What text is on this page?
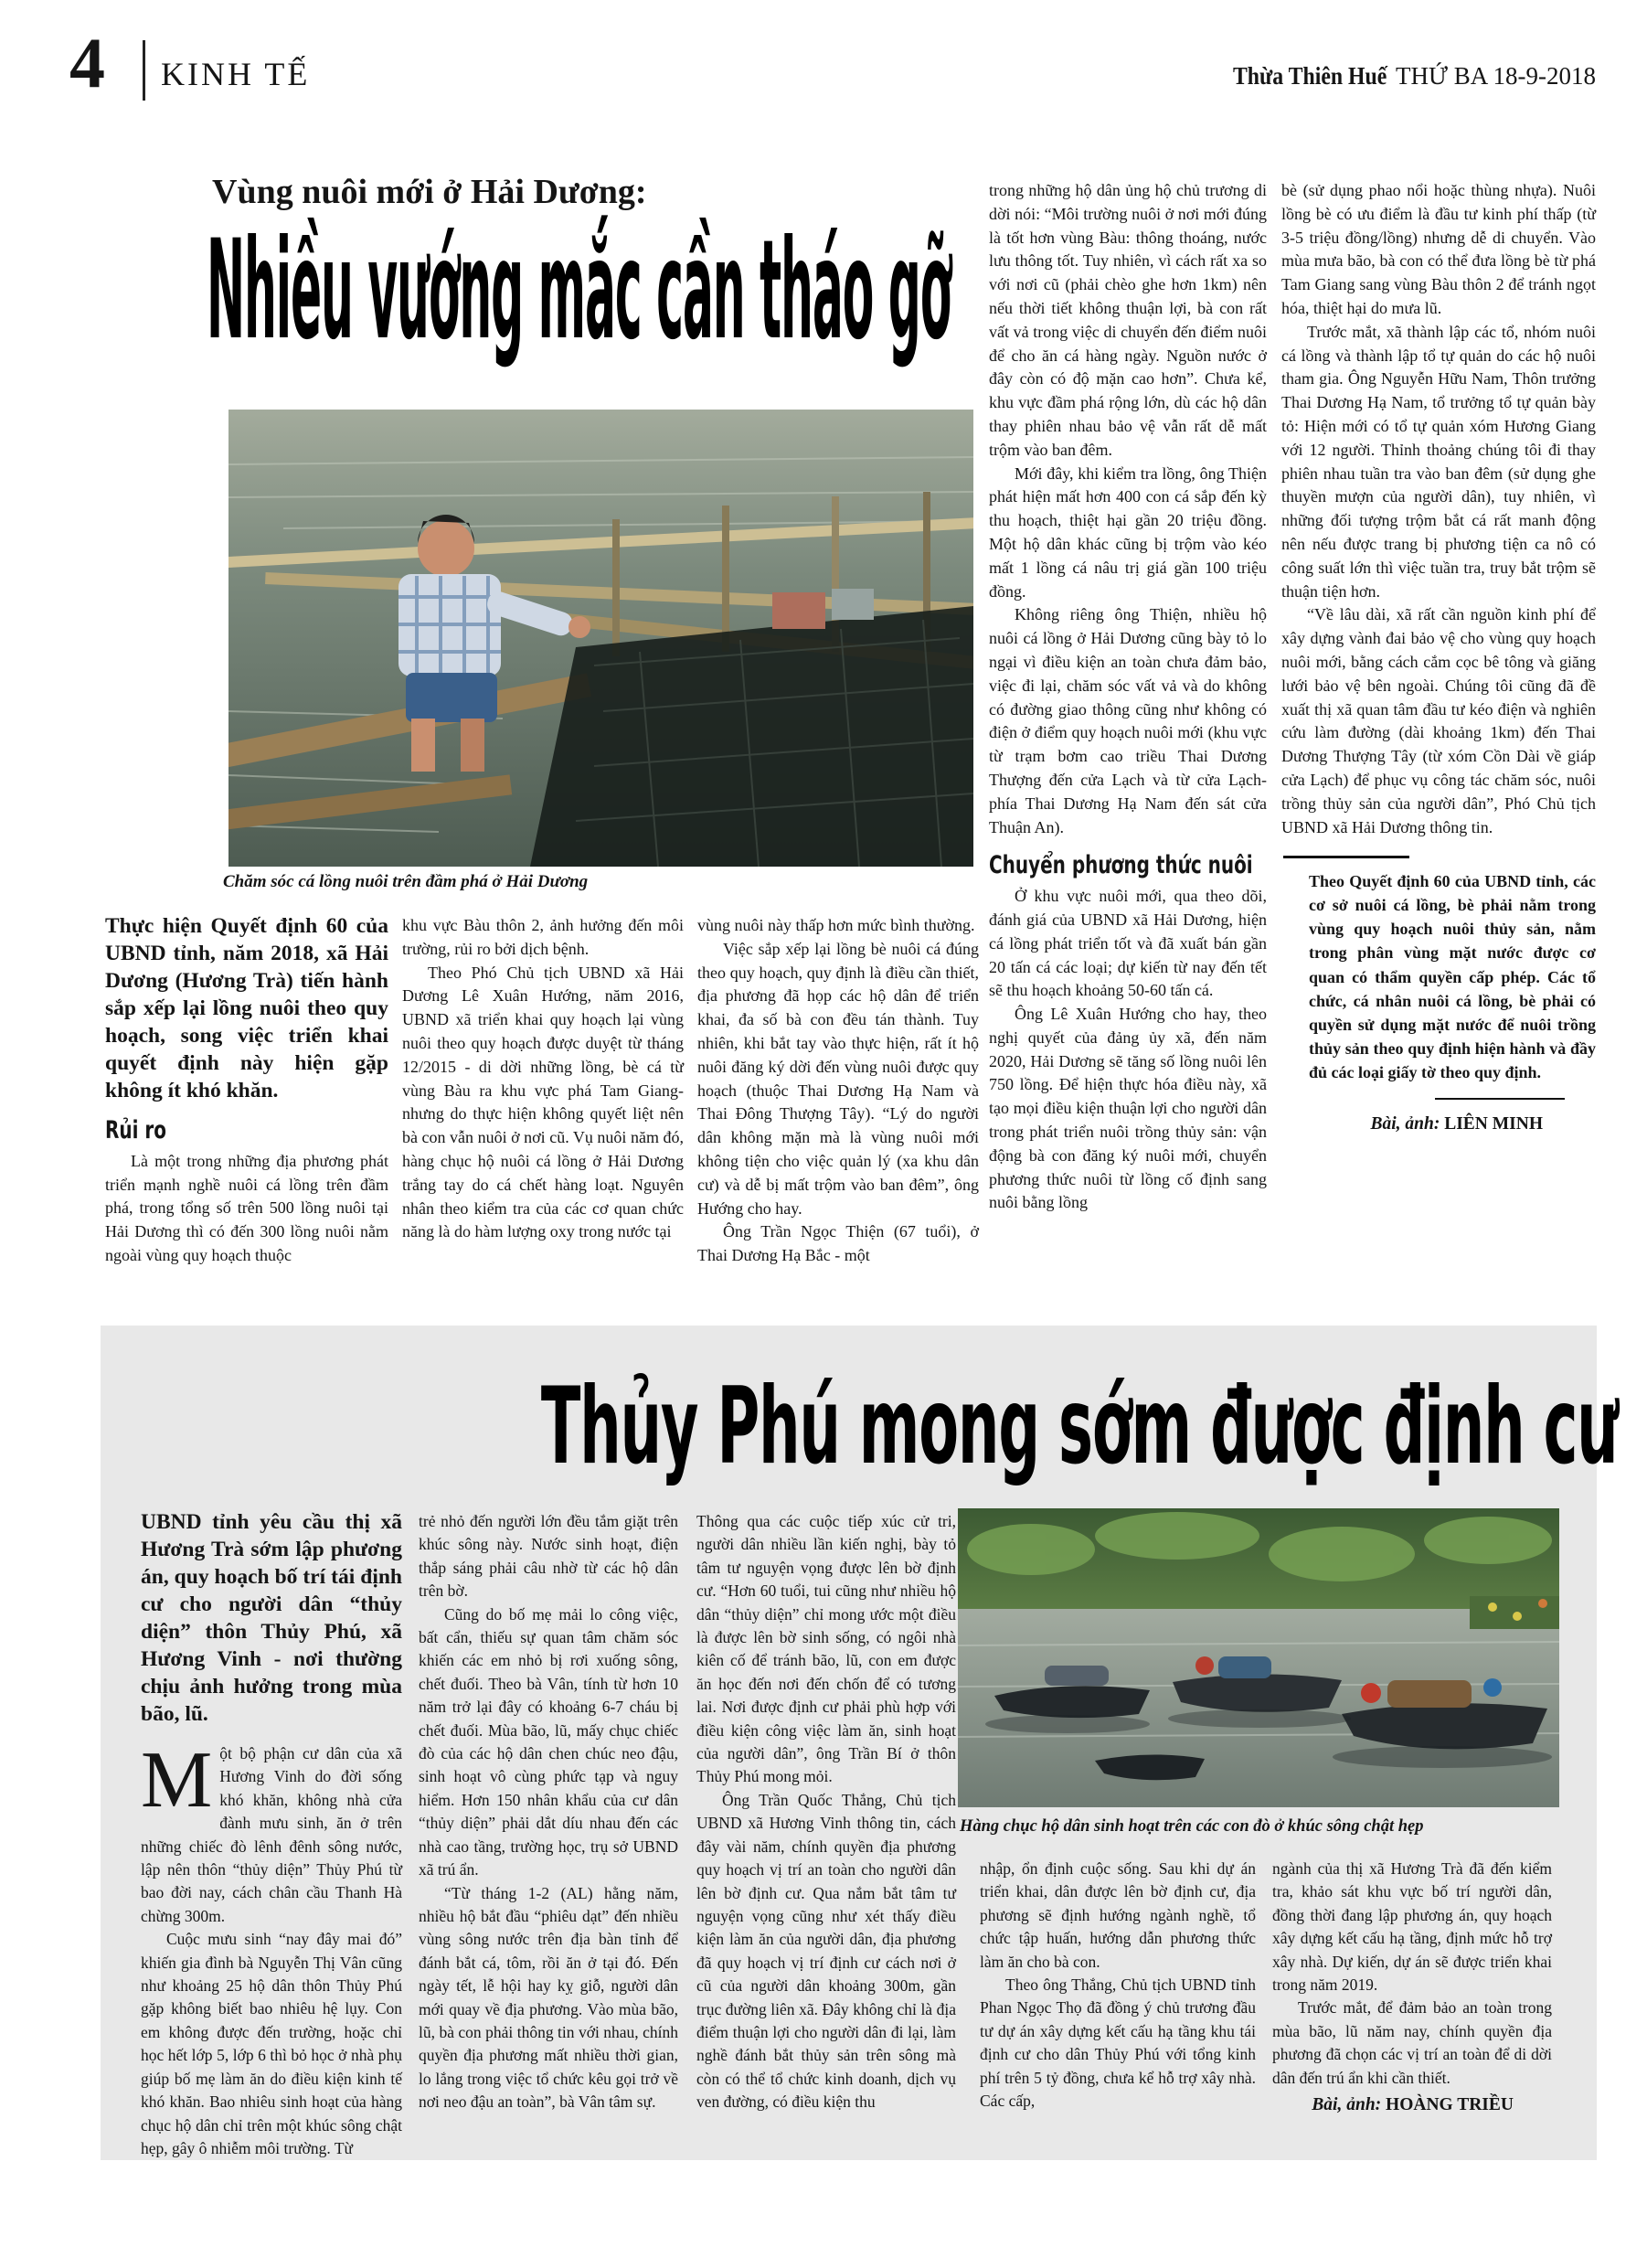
4 KINH TẾ	Thừa Thiên Huế THỨ BA 18-9-2018
Vùng nuôi mới ở Hải Dương:
Nhiều vướng mắc cần tháo gỡ
Chăm sóc cá lồng nuôi trên đầm phá ở Hải Dương
Thực hiện Quyết định 60 của UBND tỉnh, năm 2018, xã Hải Dương (Hương Trà) tiến hành sắp xếp lại lồng nuôi theo quy hoạch, song việc triển khai quyết định này hiện gặp không ít khó khăn.
Rủi ro

Là một trong những địa phương phát triển mạnh nghề nuôi cá lồng trên đầm phá, trong tổng số trên 500 lồng nuôi tại Hải Dương thì có đến 300 lồng nuôi nằm ngoài vùng quy hoạch thuộc

khu vực Bàu thôn 2, ảnh hưởng đến môi trường, rủi ro bởi dịch bệnh.

Theo Phó Chủ tịch UBND xã Hải Dương Lê Xuân Hướng, năm 2016, UBND xã triển khai quy hoạch lại vùng nuôi theo quy hoạch được duyệt từ tháng 12/2015 - di dời những lồng, bè cá từ vùng Bàu ra khu vực phá Tam Giang- nhưng do thực hiện không quyết liệt nên bà con vẫn nuôi ở nơi cũ. Vụ nuôi năm đó, hàng chục hộ nuôi cá lồng ở Hải Dương trắng tay do cá chết hàng loạt. Nguyên nhân theo kiểm tra của các cơ quan chức năng là do hàm lượng oxy trong nước tại

vùng nuôi này thấp hơn mức bình thường.

Việc sắp xếp lại lồng bè nuôi cá đúng theo quy hoạch, quy định là điều cần thiết, địa phương đã họp các hộ dân để triển khai, đa số bà con đều tán thành. Tuy nhiên, khi bắt tay vào thực hiện, rất ít hộ nuôi đăng ký dời đến vùng nuôi được quy hoạch (thuộc Thai Dương Hạ Nam và Thai Đông Thượng Tây). “Lý do người dân không mặn mà là vùng nuôi mới không tiện cho việc quản lý (xa khu dân cư) và dễ bị mất trộm vào ban đêm”, ông Hướng cho hay.

Ông Trần Ngọc Thiện (67 tuổi), ở Thai Dương Hạ Bắc - một

trong những hộ dân ủng hộ chủ trương di dời nói: “Môi trường nuôi ở nơi mới đúng là tốt hơn vùng Bàu: thông thoáng, nước lưu thông tốt. Tuy nhiên, vì cách rất xa so với nơi cũ (phải chèo ghe hơn 1km) nên nếu thời tiết không thuận lợi, bà con rất vất vả trong việc di chuyển đến điểm nuôi để cho ăn cá hàng ngày. Nguồn nước ở đây còn có độ mặn cao hơn”. Chưa kể, khu vực đầm phá rộng lớn, dù các hộ dân thay phiên nhau bảo vệ vẫn rất dễ mất trộm vào ban đêm.

Mới đây, khi kiểm tra lồng, ông Thiện phát hiện mất hơn 400 con cá sắp đến kỳ thu hoạch, thiệt hại gần 20 triệu đồng. Một hộ dân khác cũng bị trộm vào kéo mất 1 lồng cá nâu trị giá gần 100 triệu đồng.

Không riêng ông Thiện, nhiều hộ nuôi cá lồng ở Hải Dương cũng bày tỏ lo ngại vì điều kiện an toàn chưa đảm bảo, việc đi lại, chăm sóc vất vả và do không có đường giao thông cũng như không có điện ở điểm quy hoạch nuôi mới (khu vực từ trạm bơm cao triều Thai Dương Thượng đến cửa Lạch và từ cửa Lạch- phía Thai Dương Hạ Nam đến sát cửa Thuận An).

Chuyển phương thức nuôi

Ở khu vực nuôi mới, qua theo dõi, đánh giá của UBND xã Hải Dương, hiện cá lồng phát triển tốt và đã xuất bán gần 20 tấn cá các loại; dự kiến từ nay đến tết sẽ thu hoạch khoảng 50-60 tấn cá.

Ông Lê Xuân Hướng cho hay, theo nghị quyết của đảng ủy xã, đến năm 2020, Hải Dương sẽ tăng số lồng nuôi lên 750 lồng. Để hiện thực hóa điều này, xã tạo mọi điều kiện thuận lợi cho người dân trong phát triển nuôi trồng thủy sản: vận động bà con đăng ký nuôi mới, chuyển phương thức nuôi từ lồng cố định sang nuôi bằng lồng

bè (sử dụng phao nổi hoặc thùng nhựa). Nuôi lồng bè có ưu điểm là đầu tư kinh phí thấp (từ 3-5 triệu đồng/lồng) nhưng dễ di chuyển. Vào mùa mưa bão, bà con có thể đưa lồng bè từ phá Tam Giang sang vùng Bàu thôn 2 để tránh ngọt hóa, thiệt hại do mưa lũ.

Trước mắt, xã thành lập các tổ, nhóm nuôi cá lồng và thành lập tổ tự quản do các hộ nuôi tham gia. Ông Nguyễn Hữu Nam, Thôn trưởng Thai Dương Hạ Nam, tổ trưởng tổ tự quản bày tỏ: Hiện mới có tổ tự quản xóm Hương Giang với 12 người. Thỉnh thoảng chúng tôi đi thay phiên nhau tuần tra vào ban đêm (sử dụng ghe thuyền mượn của người dân), tuy nhiên, vì những đối tượng trộm bắt cá rất manh động nên nếu được trang bị phương tiện ca nô có công suất lớn thì việc tuần tra, truy bắt trộm sẽ thuận tiện hơn.

“Về lâu dài, xã rất cần nguồn kinh phí để xây dựng vành đai bảo vệ cho vùng quy hoạch nuôi mới, bằng cách cắm cọc bê tông và giăng lưới bảo vệ bên ngoài. Chúng tôi cũng đã đề xuất thị xã quan tâm đầu tư kéo điện và nghiên cứu làm đường (dài khoảng 1km) đến Thai Dương Thượng Tây (từ xóm Cồn Dài về giáp cửa Lạch) để phục vụ công tác chăm sóc, nuôi trồng thủy sản của người dân”, Phó Chủ tịch UBND xã Hải Dương thông tin.

Theo Quyết định 60 của UBND tỉnh, các cơ sở nuôi cá lồng, bè phải nằm trong vùng quy hoạch nuôi thủy sản, nằm trong phân vùng mặt nước được cơ quan có thẩm quyền cấp phép. Các tổ chức, cá nhân nuôi cá lồng, bè phải có quyền sử dụng mặt nước để nuôi trồng thủy sản theo quy định hiện hành và đầy đủ các loại giấy tờ theo quy định.
Bài, ảnh: LIÊN MINH
Thủy Phú mong sớm được định cư
UBND tỉnh yêu cầu thị xã Hương Trà sớm lập phương án, quy hoạch bố trí tái định cư cho người dân “thủy diện” thôn Thủy Phú, xã Hương Vinh - nơi thường chịu ảnh hưởng trong mùa bão, lũ.

Một bộ phận cư dân của xã Hương Vinh do đời sống khó khăn, không nhà cửa đành mưu sinh, ăn ở trên những chiếc đò lênh đênh sông nước, lập nên thôn “thủy diện” Thủy Phú từ bao đời nay, cách chân cầu Thanh Hà chừng 300m.

Cuộc mưu sinh “nay đây mai đó” khiến gia đình bà Nguyễn Thị Vân cũng như khoảng 25 hộ dân thôn Thủy Phú gặp không biết bao nhiêu hệ lụy. Con em không được đến trường, hoặc chỉ học hết lớp 5, lớp 6 thì bỏ học ở nhà phụ giúp bố mẹ làm ăn do điều kiện kinh tế khó khăn. Bao nhiêu sinh hoạt của hàng chục hộ dân chỉ trên một khúc sông chật hẹp, gây ô nhiễm môi trường. Từ

trẻ nhỏ đến người lớn đều tắm giặt trên khúc sông này. Nước sinh hoạt, điện thắp sáng phải câu nhờ từ các hộ dân trên bờ.

Cũng do bố mẹ mải lo công việc, bất cẩn, thiếu sự quan tâm chăm sóc khiến các em nhỏ bị rơi xuống sông, chết đuối. Theo bà Vân, tính từ hơn 10 năm trở lại đây có khoảng 6-7 cháu bị chết đuối. Mùa bão, lũ, mấy chục chiếc đò của các hộ dân chen chúc neo đậu, sinh hoạt vô cùng phức tạp và nguy hiểm. Hơn 150 nhân khẩu của cư dân “thủy diện” phải dắt díu nhau đến các nhà cao tầng, trường học, trụ sở UBND xã trú ẩn.

“Từ tháng 1-2 (AL) hằng năm, nhiều hộ bắt đầu “phiêu dạt” đến nhiều vùng sông nước trên địa bàn tỉnh để đánh bắt cá, tôm, rồi ăn ở tại đó. Đến ngày tết, lễ hội hay kỵ giỗ, người dân mới quay về địa phương. Vào mùa bão, lũ, bà con phải thông tin với nhau, chính quyền địa phương mất nhiều thời gian, lo lắng trong việc tổ chức kêu gọi trở về nơi neo đậu an toàn”, bà Vân tâm sự.

Thông qua các cuộc tiếp xúc cử tri, người dân nhiều lần kiến nghị, bày tỏ tâm tư nguyện vọng được lên bờ định cư. “Hơn 60 tuổi, tui cũng như nhiều hộ dân “thủy diện” chỉ mong ước một điều là được lên bờ sinh sống, có ngôi nhà kiên cố để tránh bão, lũ, con em được ăn học đến nơi đến chốn để có tương lai. Nơi được định cư phải phù hợp với điều kiện công việc làm ăn, sinh hoạt của người dân”, ông Trần Bí ở thôn Thủy Phú mong mỏi.

Ông Trần Quốc Thắng, Chủ tịch UBND xã Hương Vinh thông tin, cách đây vài năm, chính quyền địa phương quy hoạch vị trí an toàn cho người dân lên bờ định cư. Qua nắm bắt tâm tư nguyện vọng cũng như xét thấy điều kiện làm ăn của người dân, địa phương đã quy hoạch vị trí định cư cách nơi ở cũ của người dân khoảng 300m, gần trục đường liên xã. Đây không chỉ là địa điểm thuận lợi cho người dân đi lại, làm nghề đánh bắt thủy sản trên sông mà còn có thể tổ chức kinh doanh, dịch vụ ven đường, có điều kiện thu

Hàng chục hộ dân sinh hoạt trên các con đò ở khúc sông chật hẹp

nhập, ổn định cuộc sống. Sau khi dự án triển khai, dân được lên bờ định cư, địa phương sẽ định hướng ngành nghề, tổ chức tập huấn, hướng dẫn phương thức làm ăn cho bà con.

Theo ông Thắng, Chủ tịch UBND tỉnh Phan Ngọc Thọ đã đồng ý chủ trương đầu tư dự án xây dựng kết cấu hạ tầng khu tái định cư cho dân Thủy Phú với tổng kinh phí trên 5 tỷ đồng, chưa kể hỗ trợ xây nhà. Các cấp,

ngành của thị xã Hương Trà đã đến kiểm tra, khảo sát khu vực bố trí người dân, đồng thời đang lập phương án, quy hoạch xây dựng kết cấu hạ tầng, định mức hỗ trợ xây nhà. Dự kiến, dự án sẽ được triển khai trong năm 2019.

Trước mắt, để đảm bảo an toàn trong mùa bão, lũ năm nay, chính quyền địa phương đã chọn các vị trí an toàn để di dời dân đến trú ẩn khi cần thiết.

Bài, ảnh: HOÀNG TRIỀU
